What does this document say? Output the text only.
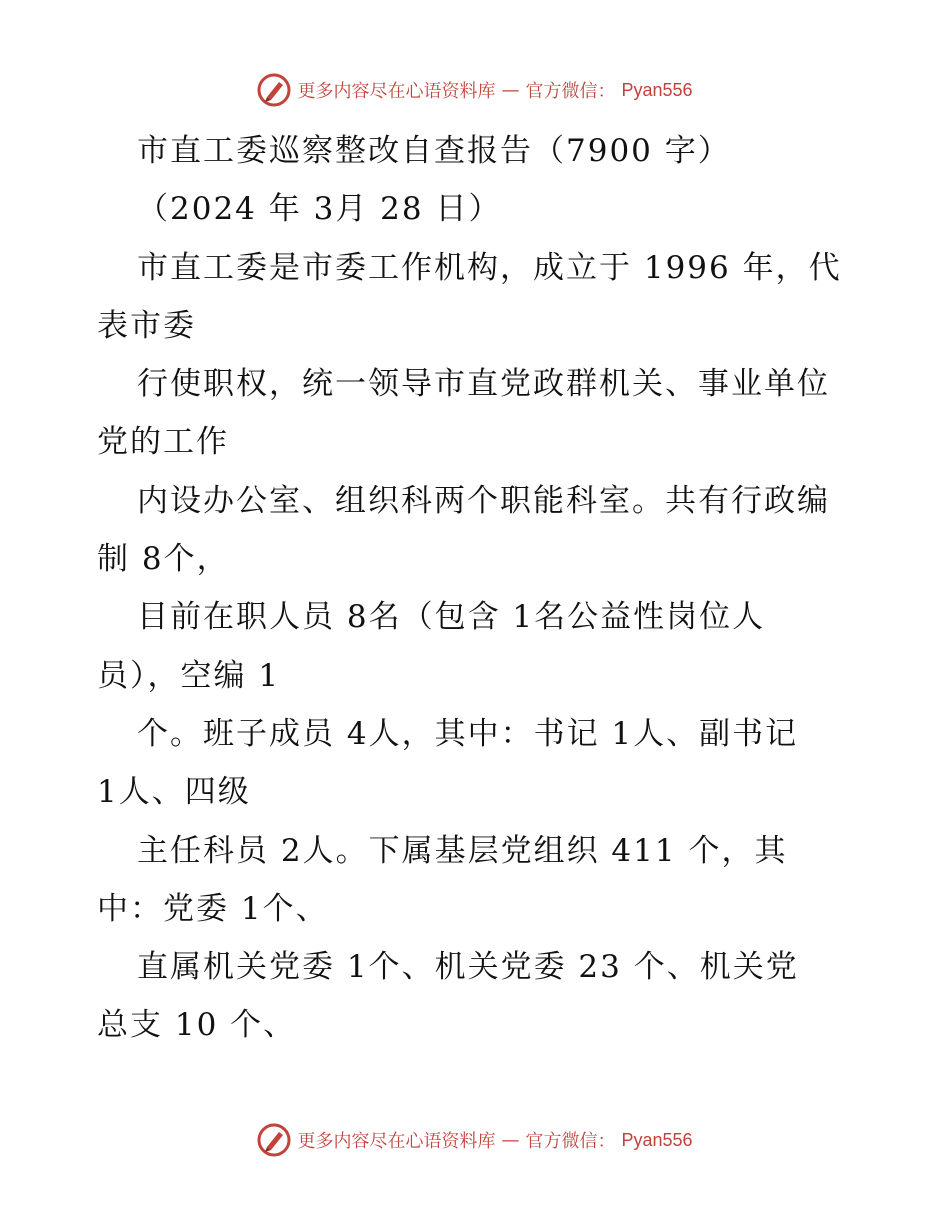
更多内容尽在心语资料库 — 官方微信： Pyan556
市直工委巡察整改自查报告（7900 字）
（2024 年 3月 28 日）
市直工委是市委工作机构，成立于 1996 年，代
表市委
行使职权，统一领导市直党政群机关、事业单位
党的工作
内设办公室、组织科两个职能科室。共有行政编
制 8个，
目前在职人员 8名（包含 1名公益性岗位人
员），空编 1
个。班子成员 4人，其中：书记 1人、副书记
1人、四级
主任科员 2人。下属基层党组织 411 个，其
中：党委 1个、
直属机关党委 1个、机关党委 23 个、机关党
总支 10 个、
更多内容尽在心语资料库 — 官方微信： Pyan556
